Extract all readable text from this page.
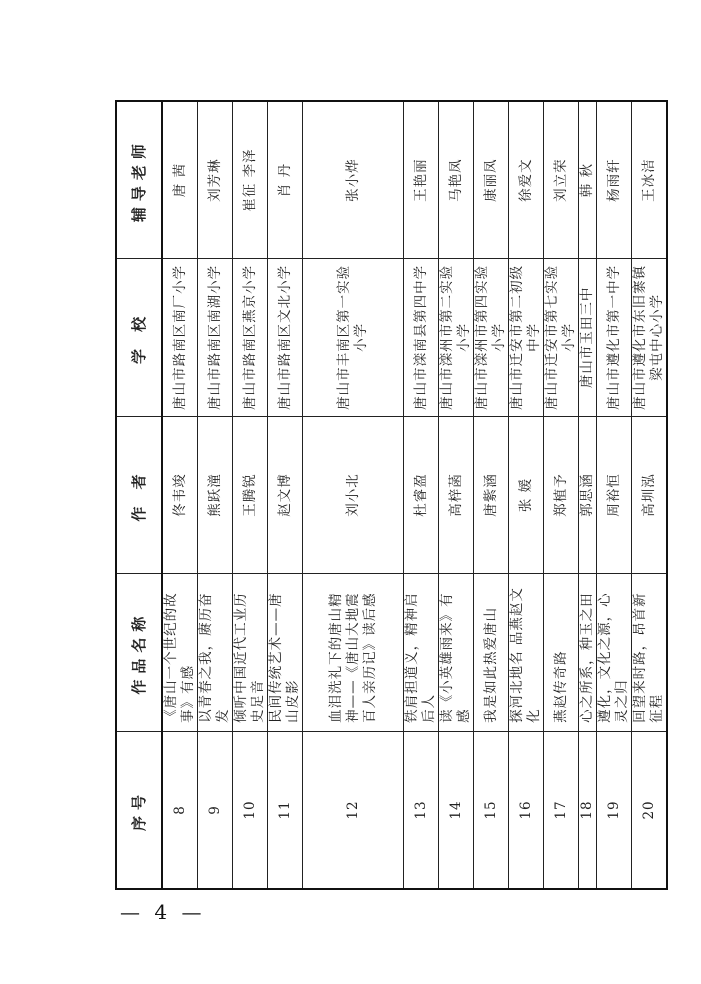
序号	作品名称	作 者	学 校	辅导老师
8	《唐山一个世纪的故事》有感	佟韦竣	唐山市路南区南厂小学	唐 茜
9	以青春之我，赓历奋发	熊跃潼	唐山市路南区南湖小学	刘芳琳
10	倾听中国近代工业历史足音	王腾锐	唐山市路南区燕京小学	崔征 李泽
11	民间传统艺术——唐山皮影	赵文博	唐山市路南区文北小学	肖 丹
12	血泪洗礼下的唐山精神——《唐山大地震百人亲历记》读后感	刘小北	唐山市丰南区第一实验小学	张小烨
13	铁肩担道义，精神启后人	杜睿盈	唐山市滦南县第四中学	王艳丽
14	读《小英雄雨来》有感	高梓菡	唐山市滦州市第二实验小学	马艳凤
15	我是如此热爱唐山	唐紫涵	唐山市滦州市第四实验小学	康丽凤
16	探河北地名 品燕赵文化	张 媛	唐山市迁安市第二初级中学	徐爱文
17	燕赵传奇路	郑植予	唐山市迁安市第七实验小学	刘立荣
18	心之所系，种玉之田	郭思涵	唐山市玉田三中	韩 秋
19	遵化，文化之源，心灵之归	周裕恒	唐山市遵化市第一中学	杨雨轩
20	回望来时路，昂首新征程	高圳泓	唐山市遵化市东旧寨镇梁屯中心小学	王冰洁
— 4 —
